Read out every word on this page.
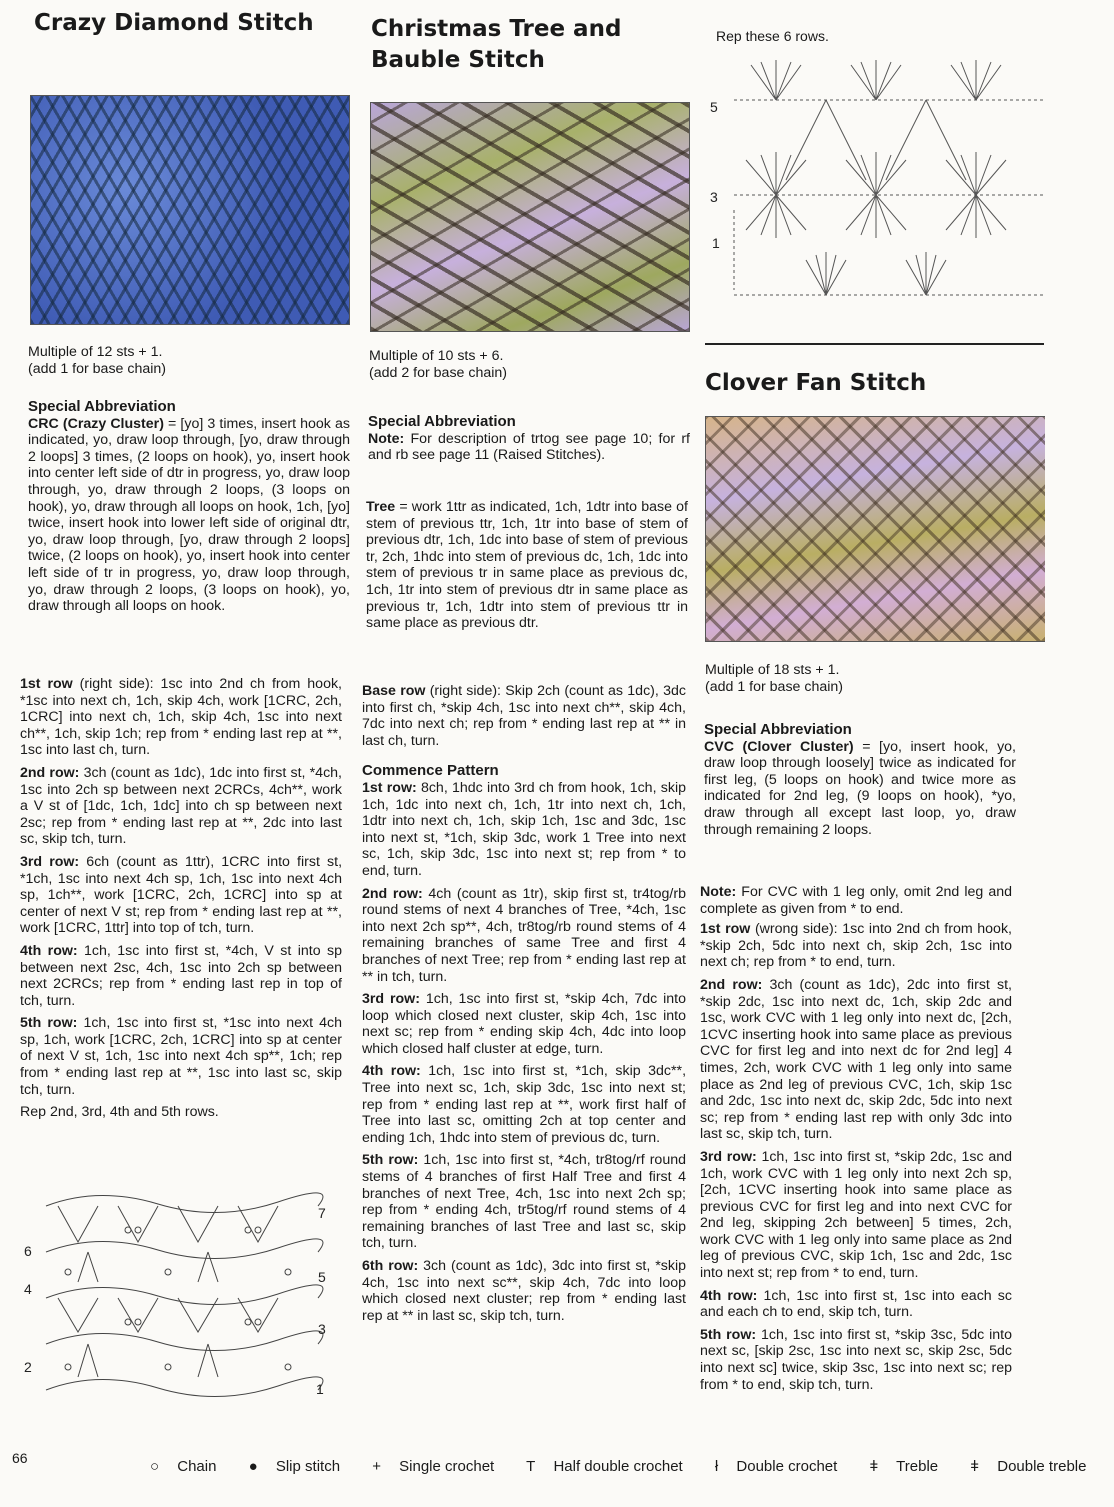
Crazy Diamond Stitch
Multiple of 12 sts + 1.
(add 1 for base chain)
Special Abbreviation

CRC (Crazy Cluster) = [yo] 3 times, insert hook as indicated, yo, draw loop through, [yo, draw through 2 loops] 3 times, (2 loops on hook), yo, insert hook into center left side of dtr in progress, yo, draw loop through, yo, draw through 2 loops, (3 loops on hook), yo, draw through all loops on hook, 1ch, [yo] twice, insert hook into lower left side of original dtr, yo, draw loop through, [yo, draw through 2 loops] twice, (2 loops on hook), yo, insert hook into center left side of tr in progress, yo, draw loop through, yo, draw through 2 loops, (3 loops on hook), yo, draw through all loops on hook.

1st row (right side): 1sc into 2nd ch from hook, *1sc into next ch, 1ch, skip 4ch, work [1CRC, 2ch, 1CRC] into next ch, 1ch, skip 4ch, 1sc into next ch**, 1ch, skip 1ch; rep from * ending last rep at **, 1sc into last ch, turn.

2nd row: 3ch (count as 1dc), 1dc into first st, *4ch, 1sc into 2ch sp between next 2CRCs, 4ch**, work a V st of [1dc, 1ch, 1dc] into ch sp between next 2sc; rep from * ending last rep at **, 2dc into last sc, skip tch, turn.

3rd row: 6ch (count as 1ttr), 1CRC into first st, *1ch, 1sc into next 4ch sp, 1ch, 1sc into next 4ch sp, 1ch**, work [1CRC, 2ch, 1CRC] into sp at center of next V st; rep from * ending last rep at **, work [1CRC, 1ttr] into top of tch, turn.

4th row: 1ch, 1sc into first st, *4ch, V st into sp between next 2sc, 4ch, 1sc into 2ch sp between next 2CRCs; rep from * ending last rep in top of tch, turn.

5th row: 1ch, 1sc into first st, *1sc into next 4ch sp, 1ch, work [1CRC, 2ch, 1CRC] into sp at center of next V st, 1ch, 1sc into next 4ch sp**, 1ch; rep from * ending last rep at **, 1sc into last sc, skip tch, turn.

Rep 2nd, 3rd, 4th and 5th rows.

6
4
2
7
5
3
1
Christmas Tree and
Bauble Stitch
Multiple of 10 sts + 6.
(add 2 for base chain)
Special Abbreviation

Note: For description of trtog see page 10; for rf and rb see page 11 (Raised Stitches).

Tree = work 1ttr as indicated, 1ch, 1dtr into base of stem of previous ttr, 1ch, 1tr into base of stem of previous dtr, 1ch, 1dc into base of stem of previous tr, 2ch, 1hdc into stem of previous dc, 1ch, 1dc into stem of previous tr in same place as previous dc, 1ch, 1tr into stem of previous dtr in same place as previous tr, 1ch, 1dtr into stem of previous ttr in same place as previous dtr.

Base row (right side): Skip 2ch (count as 1dc), 3dc into first ch, *skip 4ch, 1sc into next ch**, skip 4ch, 7dc into next ch; rep from * ending last rep at ** in last ch, turn.

Commence Pattern

1st row: 8ch, 1hdc into 3rd ch from hook, 1ch, skip 1ch, 1dc into next ch, 1ch, 1tr into next ch, 1ch, 1dtr into next ch, 1ch, skip 1ch, 1sc and 3dc, 1sc into next st, *1ch, skip 3dc, work 1 Tree into next sc, 1ch, skip 3dc, 1sc into next st; rep from * to end, turn.

2nd row: 4ch (count as 1tr), skip first st, tr4tog/rb round stems of next 4 branches of Tree, *4ch, 1sc into next 2ch sp**, 4ch, tr8tog/rb round stems of 4 remaining branches of same Tree and first 4 branches of next Tree; rep from * ending last rep at ** in tch, turn.

3rd row: 1ch, 1sc into first st, *skip 4ch, 7dc into loop which closed next cluster, skip 4ch, 1sc into next sc; rep from * ending skip 4ch, 4dc into loop which closed half cluster at edge, turn.

4th row: 1ch, 1sc into first st, *1ch, skip 3dc**, Tree into next sc, 1ch, skip 3dc, 1sc into next st; rep from * ending last rep at **, work first half of Tree into last sc, omitting 2ch at top center and ending 1ch, 1hdc into stem of previous dc, turn.

5th row: 1ch, 1sc into first st, *4ch, tr8tog/rf round stems of 4 branches of first Half Tree and first 4 branches of next Tree, 4ch, 1sc into next 2ch sp; rep from * ending 4ch, tr5tog/rf round stems of 4 remaining branches of last Tree and last sc, skip tch, turn.

6th row: 3ch (count as 1dc), 3dc into first st, *skip 4ch, 1sc into next sc**, skip 4ch, 7dc into loop which closed next cluster; rep from * ending last rep at ** in last sc, skip tch, turn.

Rep these 6 rows.
5
3
1
Clover Fan Stitch
Multiple of 18 sts + 1.
(add 1 for base chain)
Special Abbreviation

CVC (Clover Cluster) = [yo, insert hook, yo, draw loop through loosely] twice as indicated for first leg, (5 loops on hook) and twice more as indicated for 2nd leg, (9 loops on hook), *yo, draw through all except last loop, yo, draw through remaining 2 loops.

Note: For CVC with 1 leg only, omit 2nd leg and complete as given from * to end.

1st row (wrong side): 1sc into 2nd ch from hook, *skip 2ch, 5dc into next ch, skip 2ch, 1sc into next ch; rep from * to end, turn.

2nd row: 3ch (count as 1dc), 2dc into first st, *skip 2dc, 1sc into next dc, 1ch, skip 2dc and 1sc, work CVC with 1 leg only into next dc, [2ch, 1CVC inserting hook into same place as previous CVC for first leg and into next dc for 2nd leg] 4 times, 2ch, work CVC with 1 leg only into same place as 2nd leg of previous CVC, 1ch, skip 1sc and 2dc, 1sc into next dc, skip 2dc, 5dc into next sc; rep from * ending last rep with only 3dc into last sc, skip tch, turn.

3rd row: 1ch, 1sc into first st, *skip 2dc, 1sc and 1ch, work CVC with 1 leg only into next 2ch sp, [2ch, 1CVC inserting hook into same place as previous CVC for first leg and into next CVC for 2nd leg, skipping 2ch between] 5 times, 2ch, work CVC with 1 leg only into same place as 2nd leg of previous CVC, skip 1ch, 1sc and 2dc, 1sc into next st; rep from * to end, turn.

4th row: 1ch, 1sc into first st, 1sc into each sc and each ch to end, skip tch, turn.

5th row: 1ch, 1sc into first st, *skip 3sc, 5dc into next sc, [skip 2sc, 1sc into next sc, skip 2sc, 5dc into next sc] twice, skip 3sc, 1sc into next sc; rep from * to end, skip tch, turn.

66	○ Chain ● Slip stitch + Single crochet T Half double crochet ł Double crochet ǂ Treble ǂ Double treble
